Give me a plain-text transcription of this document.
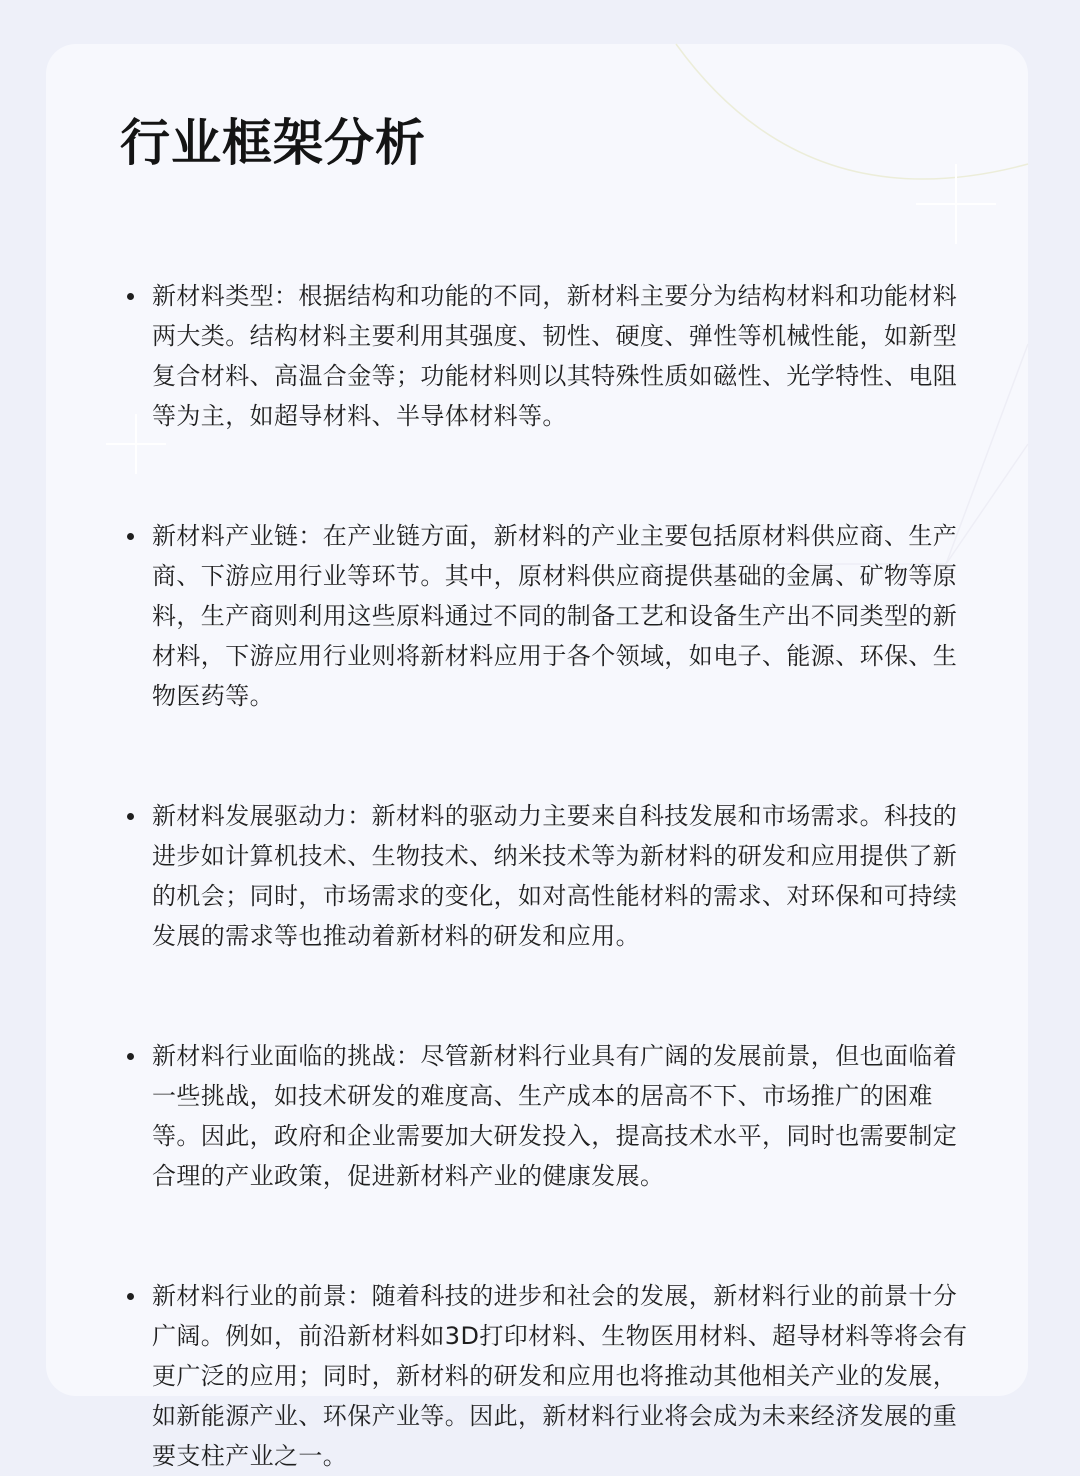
行业框架分析
新材料类型：根据结构和功能的不同，新材料主要分为结构材料和功能材料两大类。结构材料主要利用其强度、韧性、硬度、弹性等机械性能，如新型复合材料、高温合金等；功能材料则以其特殊性质如磁性、光学特性、电阻等为主，如超导材料、半导体材料等。
新材料产业链：在产业链方面，新材料的产业主要包括原材料供应商、生产商、下游应用行业等环节。其中，原材料供应商提供基础的金属、矿物等原料，生产商则利用这些原料通过不同的制备工艺和设备生产出不同类型的新材料，下游应用行业则将新材料应用于各个领域，如电子、能源、环保、生物医药等。
新材料发展驱动力：新材料的驱动力主要来自科技发展和市场需求。科技的进步如计算机技术、生物技术、纳米技术等为新材料的研发和应用提供了新的机会；同时，市场需求的变化，如对高性能材料的需求、对环保和可持续发展的需求等也推动着新材料的研发和应用。
新材料行业面临的挑战：尽管新材料行业具有广阔的发展前景，但也面临着一些挑战，如技术研发的难度高、生产成本的居高不下、市场推广的困难等。因此，政府和企业需要加大研发投入，提高技术水平，同时也需要制定合理的产业政策，促进新材料产业的健康发展。
新材料行业的前景：随着科技的进步和社会的发展，新材料行业的前景十分广阔。例如，前沿新材料如3D打印材料、生物医用材料、超导材料等将会有更广泛的应用；同时，新材料的研发和应用也将推动其他相关产业的发展，如新能源产业、环保产业等。因此，新材料行业将会成为未来经济发展的重要支柱产业之一。
